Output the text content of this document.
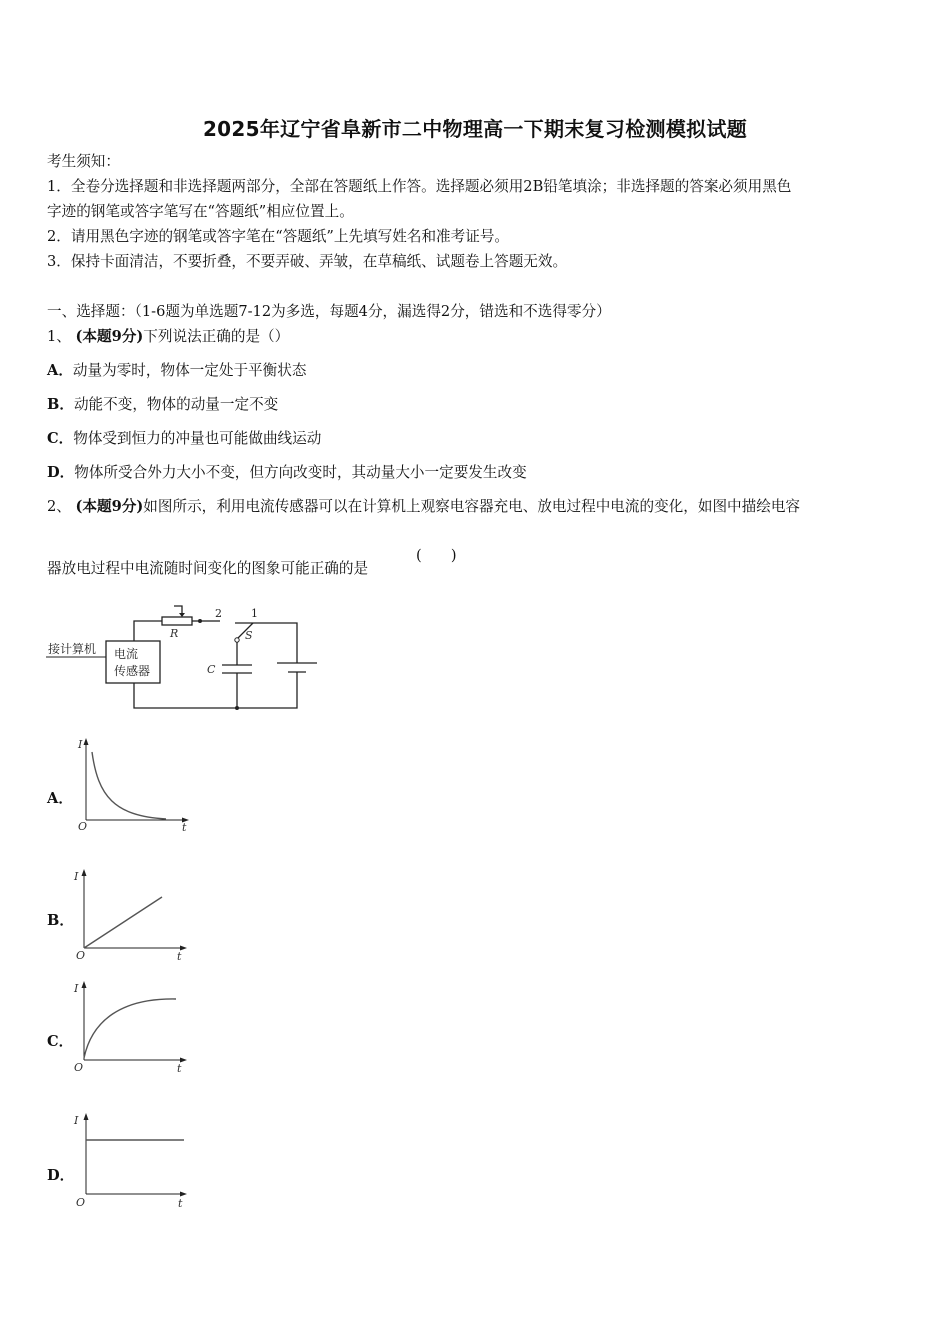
2025年辽宁省阜新市二中物理高一下期末复习检测模拟试题
考生须知：
1．全卷分选择题和非选择题两部分，全部在答题纸上作答。选择题必须用2B铅笔填涂；非选择题的答案必须用黑色
字迹的钢笔或答字笔写在“答题纸”相应位置上。
2．请用黑色字迹的钢笔或答字笔在“答题纸”上先填写姓名和准考证号。
3．保持卡面清洁，不要折叠，不要弄破、弄皱，在草稿纸、试题卷上答题无效。
一、选择题：（1-6题为单选题7-12为多选，每题4分，漏选得2分，错选和不选得零分）
1、 (本题9分)下列说法正确的是（）
A．动量为零时，物体一定处于平衡状态
B．动能不变，物体的动量一定不变
C．物体受到恒力的冲量也可能做曲线运动
D．物体所受合外力大小不变，但方向改变时，其动量大小一定要发生改变
2、 (本题9分)如图所示，利用电流传感器可以在计算机上观察电容器充电、放电过程中电流的变化，如图中描绘电容
器放电过程中电流随时间变化的图象可能正确的是
(　　)
接计算机 电流
传感器
R
2	1
S
C
A．
I
O	t
B．
I
O	t
C．
I
O	t
D．
I
O	t
